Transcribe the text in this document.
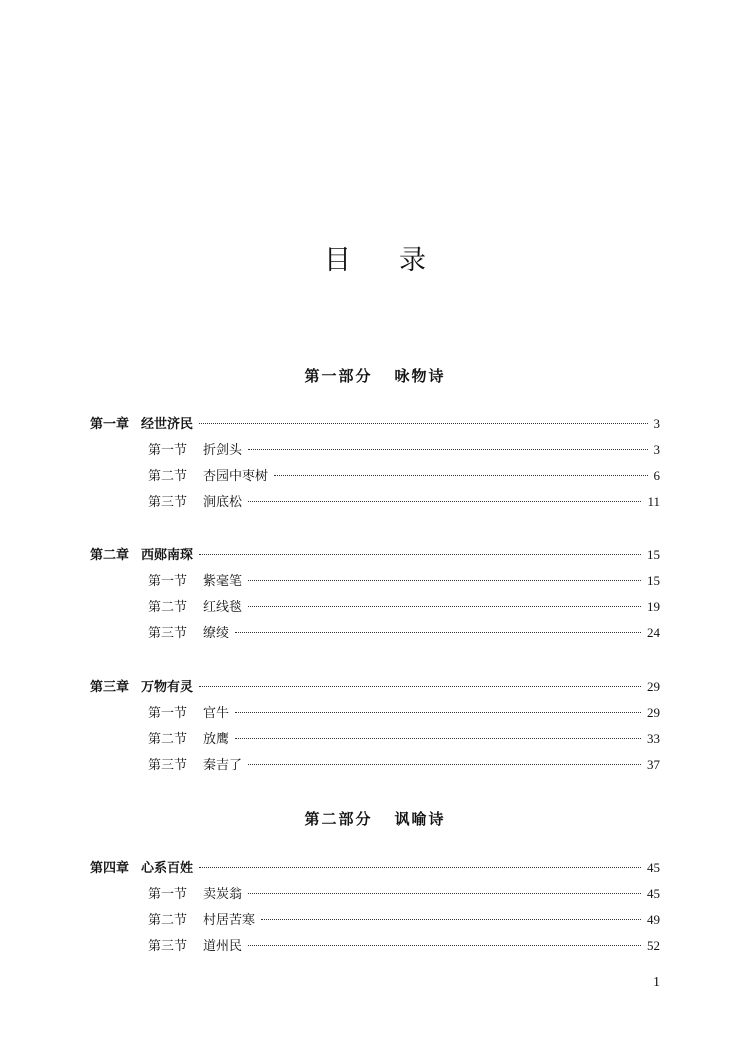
目录
第一部分 咏物诗
第一章 经世济民	3
第一节 折剑头	3
第二节 杏园中枣树	6
第三节 涧底松	11
第二章 西郧南琛	15
第一节 紫毫笔	15
第二节 红线毯	19
第三节 缭绫	24
第三章 万物有灵	29
第一节 官牛	29
第二节 放鹰	33
第三节 秦吉了	37
第二部分 讽喻诗
第四章 心系百姓	45
第一节 卖炭翁	45
第二节 村居苦寒	49
第三节 道州民	52
1
